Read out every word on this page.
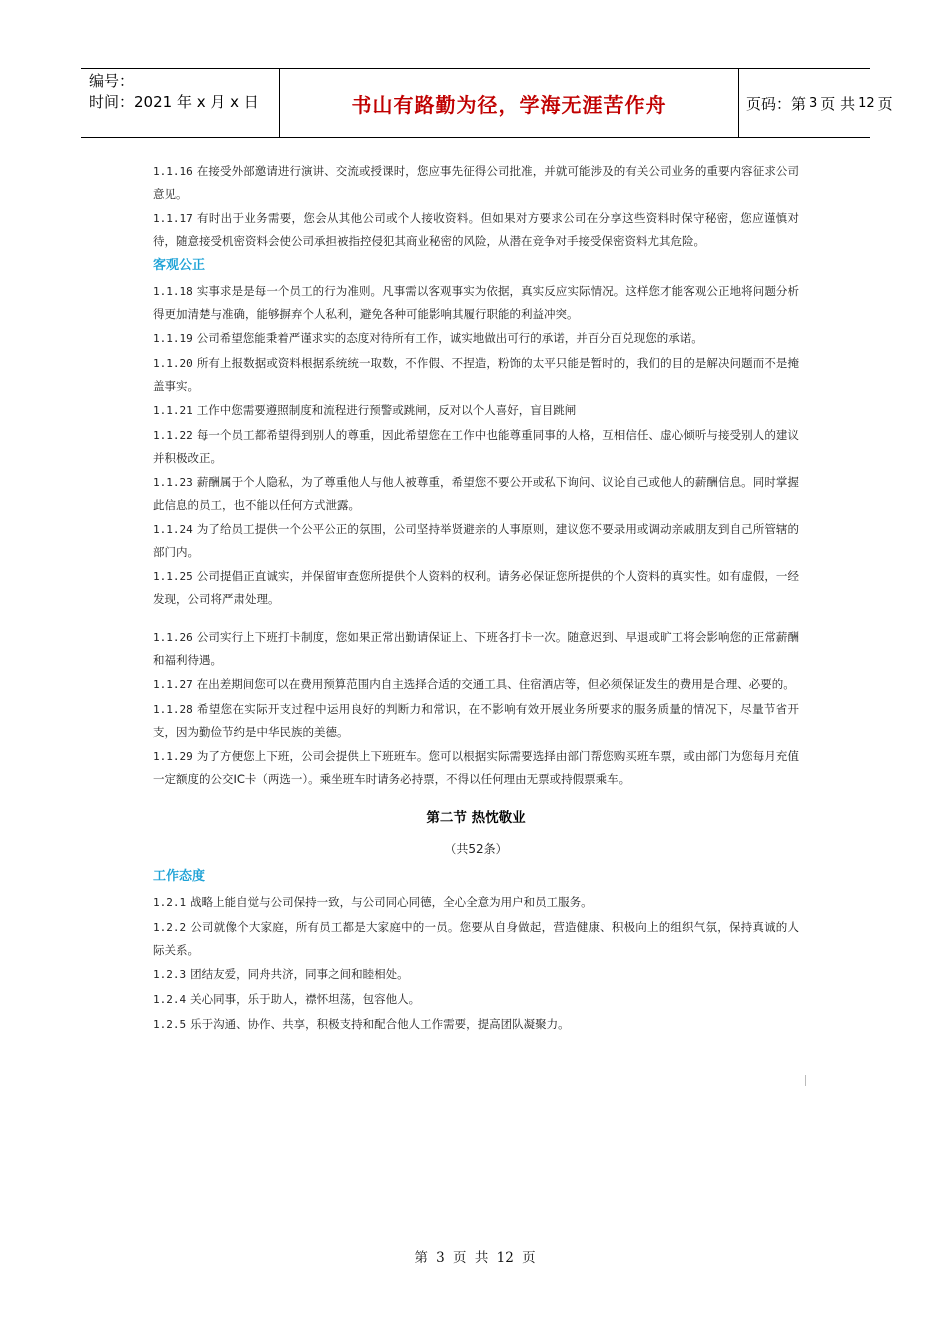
编号：
时间：2021 年 x 月 x 日	书山有路勤为径，学海无涯苦作舟	页码：第 3 页 共 12 页

1.1.16 在接受外部邀请进行演讲、交流或授课时，您应事先征得公司批准，并就可能涉及的有关公司业务的重要内容征求公司意见。

1.1.17 有时出于业务需要，您会从其他公司或个人接收资料。但如果对方要求公司在分享这些资料时保守秘密，您应谨慎对待，随意接受机密资料会使公司承担被指控侵犯其商业秘密的风险，从潜在竞争对手接受保密资料尤其危险。

客观公正

1.1.18 实事求是是每一个员工的行为准则。凡事需以客观事实为依据，真实反应实际情况。这样您才能客观公正地将问题分析得更加清楚与准确，能够摒弃个人私利，避免各种可能影响其履行职能的利益冲突。

1.1.19 公司希望您能秉着严谨求实的态度对待所有工作，诚实地做出可行的承诺，并百分百兑现您的承诺。

1.1.20 所有上报数据或资料根据系统统一取数，不作假、不捏造，粉饰的太平只能是暂时的，我们的目的是解决问题而不是掩盖事实。

1.1.21 工作中您需要遵照制度和流程进行预警或跳闸，反对以个人喜好，盲目跳闸

1.1.22 每一个员工都希望得到别人的尊重，因此希望您在工作中也能尊重同事的人格，互相信任、虚心倾听与接受别人的建议并积极改正。

1.1.23 薪酬属于个人隐私，为了尊重他人与他人被尊重，希望您不要公开或私下询问、议论自己或他人的薪酬信息。同时掌握此信息的员工，也不能以任何方式泄露。

1.1.24 为了给员工提供一个公平公正的氛围，公司坚持举贤避亲的人事原则，建议您不要录用或调动亲戚朋友到自己所管辖的部门内。

1.1.25 公司提倡正直诚实，并保留审查您所提供个人资料的权利。请务必保证您所提供的个人资料的真实性。如有虚假，一经发现，公司将严肃处理。

1.1.26 公司实行上下班打卡制度，您如果正常出勤请保证上、下班各打卡一次。随意迟到、早退或旷工将会影响您的正常薪酬和福利待遇。

1.1.27 在出差期间您可以在费用预算范围内自主选择合适的交通工具、住宿酒店等，但必须保证发生的费用是合理、必要的。

1.1.28 希望您在实际开支过程中运用良好的判断力和常识，在不影响有效开展业务所要求的服务质量的情况下，尽量节省开支，因为勤俭节约是中华民族的美德。

1.1.29 为了方便您上下班，公司会提供上下班班车。您可以根据实际需要选择由部门帮您购买班车票，或由部门为您每月充值一定额度的公交IC卡（两选一）。乘坐班车时请务必持票，不得以任何理由无票或持假票乘车。

第二节 热忱敬业
（共52条）
工作态度

1.2.1 战略上能自觉与公司保持一致，与公司同心同德，全心全意为用户和员工服务。

1.2.2 公司就像个大家庭，所有员工都是大家庭中的一员。您要从自身做起，营造健康、积极向上的组织气氛，保持真诚的人际关系。

1.2.3 团结友爱，同舟共济，同事之间和睦相处。

1.2.4 关心同事，乐于助人，襟怀坦荡，包容他人。

1.2.5 乐于沟通、协作、共享，积极支持和配合他人工作需要，提高团队凝聚力。

第 3 页 共 12 页
